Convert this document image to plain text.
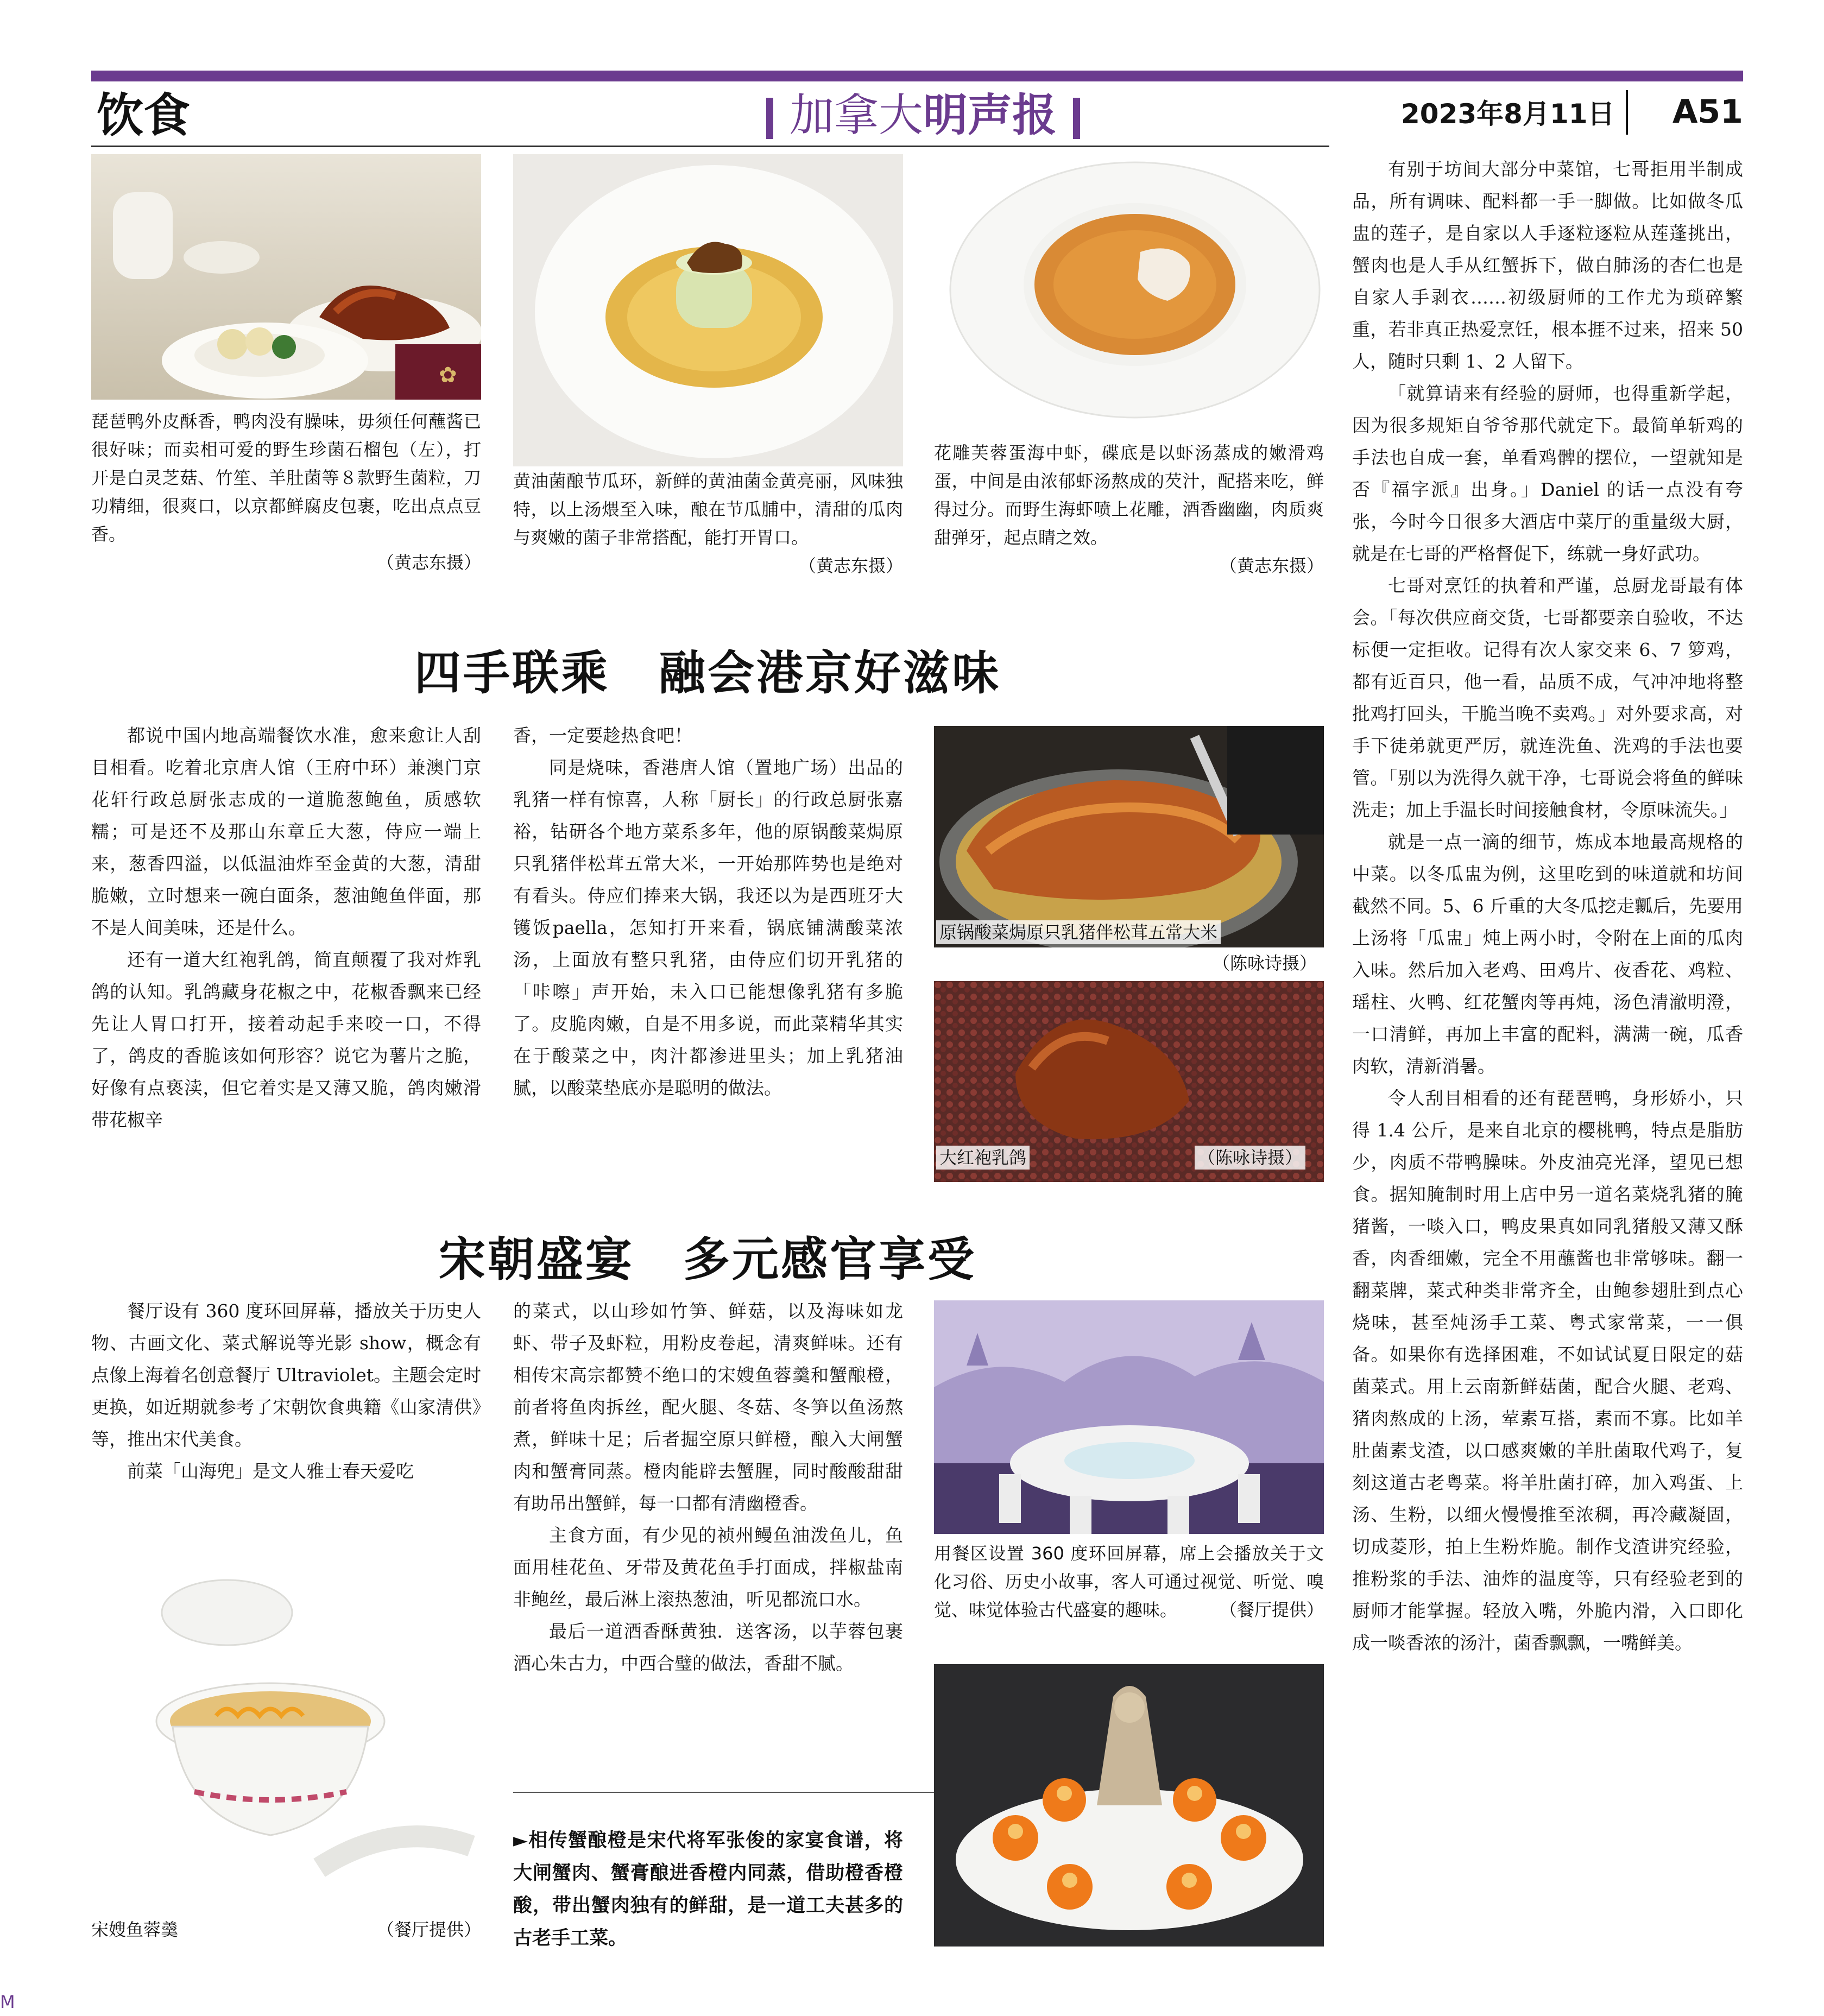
饮食	加拿大明声报	2023年8月11日 A51
✿
琵琶鸭外皮酥香，鸭肉没有臊味，毋须任何蘸酱已很好味；而卖相可爱的野生珍菌石榴包（左），打开是白灵芝菇、竹笙、羊肚菌等８款野生菌粒，刀功精细，很爽口，以京都鲜腐皮包裹，吃出点点豆香。
（黄志东摄）
黄油菌酿节瓜环，新鲜的黄油菌金黄亮丽，风味独特，以上汤煨至入味，酿在节瓜脯中，清甜的瓜肉与爽嫩的菌子非常搭配，能打开胃口。
（黄志东摄）
花雕芙蓉蛋海中虾，碟底是以虾汤蒸成的嫩滑鸡蛋，中间是由浓郁虾汤熬成的芡汁，配搭来吃，鲜得过分。而野生海虾喷上花雕，酒香幽幽，肉质爽甜弹牙，起点睛之效。
（黄志东摄）
四手联乘　融会港京好滋味

都说中国内地高端餐饮水准，愈来愈让人刮目相看。吃着北京唐人馆（王府中环）兼澳门京花轩行政总厨张志成的一道脆葱鲍鱼，质感软糯；可是还不及那山东章丘大葱，侍应一端上来，葱香四溢，以低温油炸至金黄的大葱，清甜脆嫩，立时想来一碗白面条，葱油鲍鱼伴面，那不是人间美味，还是什么。

还有一道大红袍乳鸽，简直颠覆了我对炸乳鸽的认知。乳鸽藏身花椒之中，花椒香飘来已经先让人胃口打开，接着动起手来咬一口，不得了，鸽皮的香脆该如何形容？说它为薯片之脆，好像有点亵渎，但它着实是又薄又脆，鸽肉嫩滑带花椒辛

香，一定要趁热食吧！

同是烧味，香港唐人馆（置地广场）出品的乳猪一样有惊喜，人称「厨长」的行政总厨张嘉裕，钻研各个地方菜系多年，他的原锅酸菜焗原只乳猪伴松茸五常大米，一开始那阵势也是绝对有看头。侍应们捧来大锅，我还以为是西班牙大镬饭paella，怎知打开来看，锅底铺满酸菜浓汤，上面放有整只乳猪，由侍应们切开乳猪的「咔嚓」声开始，未入口已能想像乳猪有多脆了。皮脆肉嫩，自是不用多说，而此菜精华其实在于酸菜之中，肉汁都渗进里头；加上乳猪油腻，以酸菜垫底亦是聪明的做法。

原锅酸菜焗原只乳猪伴松茸五常大米
（陈咏诗摄）
大红袍乳鸽	（陈咏诗摄）
宋朝盛宴　多元感官享受

餐厅设有 360 度环回屏幕，播放关于历史人物、古画文化、菜式解说等光影 show，概念有点像上海着名创意餐厅 Ultraviolet。主题会定时更换，如近期就参考了宋朝饮食典籍《山家清供》等，推出宋代美食。

前菜「山海兜」是文人雅士春天爱吃

的菜式，以山珍如竹笋、鲜菇，以及海味如龙虾、带子及虾粒，用粉皮卷起，清爽鲜味。还有相传宋高宗都赞不绝口的宋嫂鱼蓉羹和蟹酿橙，前者将鱼肉拆丝，配火腿、冬菇、冬笋以鱼汤熬煮，鲜味十足；后者掘空原只鲜橙，酿入大闸蟹肉和蟹膏同蒸。橙肉能辟去蟹腥，同时酸酸甜甜有助吊出蟹鲜，每一口都有清幽橙香。

主食方面，有少见的祯州鳗鱼油泼鱼儿，鱼面用桂花鱼、牙带及黄花鱼手打面成，拌椒盐南非鲍丝，最后淋上滚热葱油，听见都流口水。

最后一道酒香酥黄独．送客汤，以芋蓉包裹酒心朱古力，中西合璧的做法，香甜不腻。

宋嫂鱼蓉羹	（餐厅提供）
►相传蟹酿橙是宋代将军张俊的家宴食谱，将大闸蟹肉、蟹膏酿进香橙内同蒸，借助橙香橙酸，带出蟹肉独有的鲜甜，是一道工夫甚多的古老手工菜。
用餐区设置 360 度环回屏幕，席上会播放关于文化习俗、历史小故事，客人可通过视觉、听觉、嗅觉、味觉体验古代盛宴的趣味。 （餐厅提供）

有别于坊间大部分中菜馆，七哥拒用半制成品，所有调味、配料都一手一脚做。比如做冬瓜盅的莲子，是自家以人手逐粒逐粒从莲蓬挑出，蟹肉也是人手从红蟹拆下，做白肺汤的杏仁也是自家人手剥衣……初级厨师的工作尤为琐碎繁重，若非真正热爱烹饪，根本捱不过来，招来 50 人，随时只剩 1、2 人留下。

「就算请来有经验的厨师，也得重新学起，因为很多规矩自爷爷那代就定下。最简单斩鸡的手法也自成一套，单看鸡髀的摆位，一望就知是否『福字派』出身。」Daniel 的话一点没有夸张，今时今日很多大酒店中菜厅的重量级大厨，就是在七哥的严格督促下，练就一身好武功。

七哥对烹饪的执着和严谨，总厨龙哥最有体会。「每次供应商交货，七哥都要亲自验收，不达标便一定拒收。记得有次人家交来 6、7 箩鸡，都有近百只，他一看，品质不成，气冲冲地将整批鸡打回头，干脆当晚不卖鸡。」对外要求高，对手下徒弟就更严厉，就连洗鱼、洗鸡的手法也要管。「别以为洗得久就干净，七哥说会将鱼的鲜味洗走；加上手温长时间接触食材，令原味流失。」

就是一点一滴的细节，炼成本地最高规格的中菜。以冬瓜盅为例，这里吃到的味道就和坊间截然不同。5、6 斤重的大冬瓜挖走瓤后，先要用上汤将「瓜盅」炖上两小时，令附在上面的瓜肉入味。然后加入老鸡、田鸡片、夜香花、鸡粒、瑶柱、火鸭、红花蟹肉等再炖，汤色清澈明澄，一口清鲜，再加上丰富的配料，满满一碗，瓜香肉软，清新消暑。

令人刮目相看的还有琵琶鸭，身形娇小，只得 1.4 公斤，是来自北京的樱桃鸭，特点是脂肪少，肉质不带鸭臊味。外皮油亮光泽，望见已想食。据知腌制时用上店中另一道名菜烧乳猪的腌猪酱，一啖入口，鸭皮果真如同乳猪般又薄又酥香，肉香细嫩，完全不用蘸酱也非常够味。翻一翻菜牌，菜式种类非常齐全，由鲍参翅肚到点心烧味，甚至炖汤手工菜、粤式家常菜，一一俱备。如果你有选择困难，不如试试夏日限定的菇菌菜式。用上云南新鲜菇菌，配合火腿、老鸡、猪肉熬成的上汤，荤素互搭，素而不寡。比如羊肚菌素戈渣，以口感爽嫩的羊肚菌取代鸡子，复刻这道古老粤菜。将羊肚菌打碎，加入鸡蛋、上汤、生粉，以细火慢慢推至浓稠，再冷藏凝固，切成菱形，拍上生粉炸脆。制作戈渣讲究经验，推粉浆的手法、油炸的温度等，只有经验老到的厨师才能掌握。轻放入嘴，外脆内滑，入口即化成一啖香浓的汤汁，菌香飘飘，一嘴鲜美。

M
